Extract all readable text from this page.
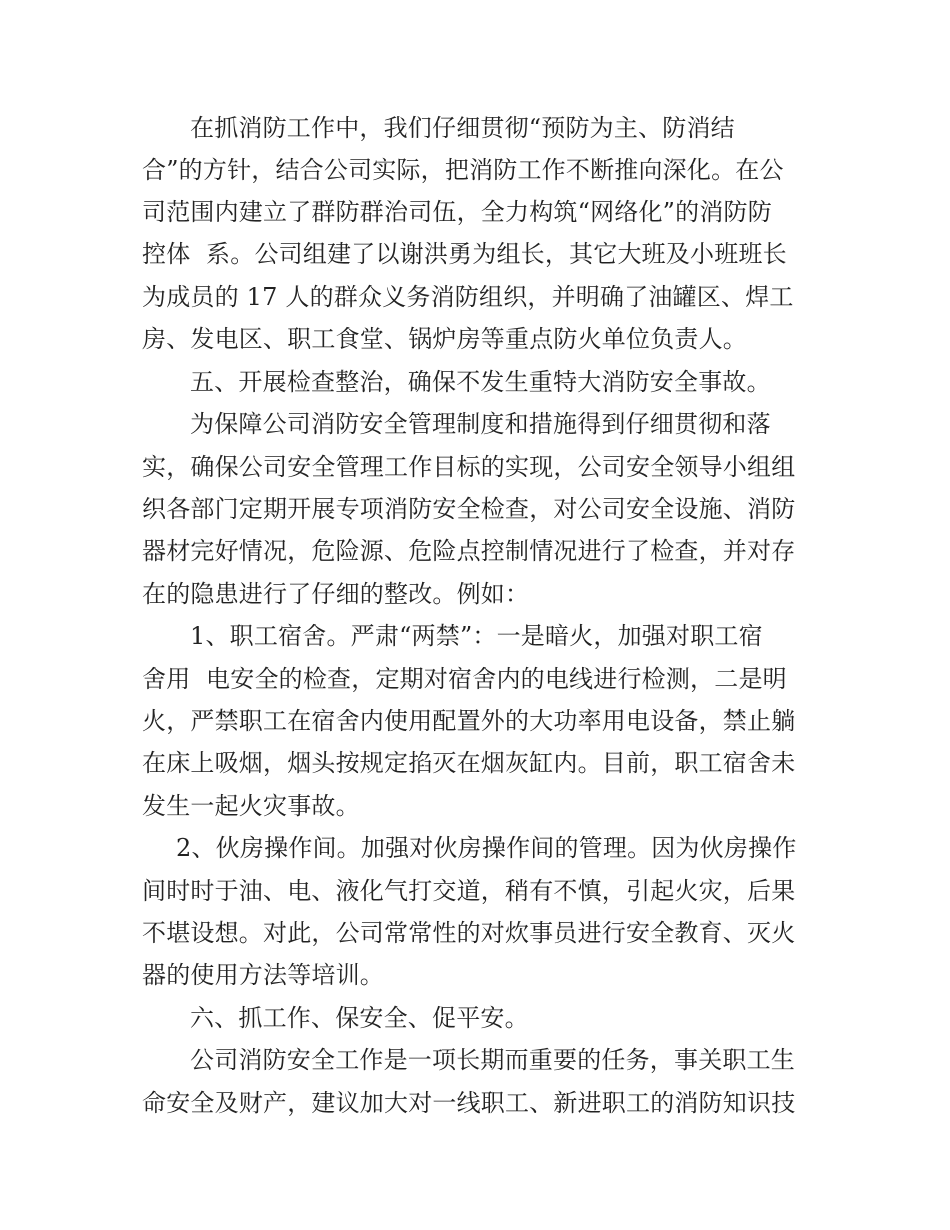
在抓消防工作中，我们仔细贯彻“预防为主、防消结

合”的方针，结合公司实际，把消防工作不断推向深化。在公

司范围内建立了群防群治司伍，全力构筑“网络化”的消防防

控体  系。公司组建了以谢洪勇为组长，其它大班及小班班长

为成员的 17 人的群众义务消防组织，并明确了油罐区、焊工

房、发电区、职工食堂、锅炉房等重点防火单位负责人。

五、开展检查整治，确保不发生重特大消防安全事故。

为保障公司消防安全管理制度和措施得到仔细贯彻和落

实，确保公司安全管理工作目标的实现，公司安全领导小组组

织各部门定期开展专项消防安全检查，对公司安全设施、消防

器材完好情况，危险源、危险点控制情况进行了检查，并对存

在的隐患进行了仔细的整改。例如：

1、职工宿舍。严肃“两禁”：一是暗火，加强对职工宿

舍用  电安全的检查，定期对宿舍内的电线进行检测，二是明

火，严禁职工在宿舍内使用配置外的大功率用电设备，禁止躺

在床上吸烟，烟头按规定掐灭在烟灰缸内。目前，职工宿舍未

发生一起火灾事故。

2、伙房操作间。加强对伙房操作间的管理。因为伙房操作

间时时于油、电、液化气打交道，稍有不慎，引起火灾，后果

不堪设想。对此，公司常常性的对炊事员进行安全教育、灭火

器的使用方法等培训。

六、抓工作、保安全、促平安。

公司消防安全工作是一项长期而重要的任务，事关职工生

命安全及财产，建议加大对一线职工、新进职工的消防知识技
